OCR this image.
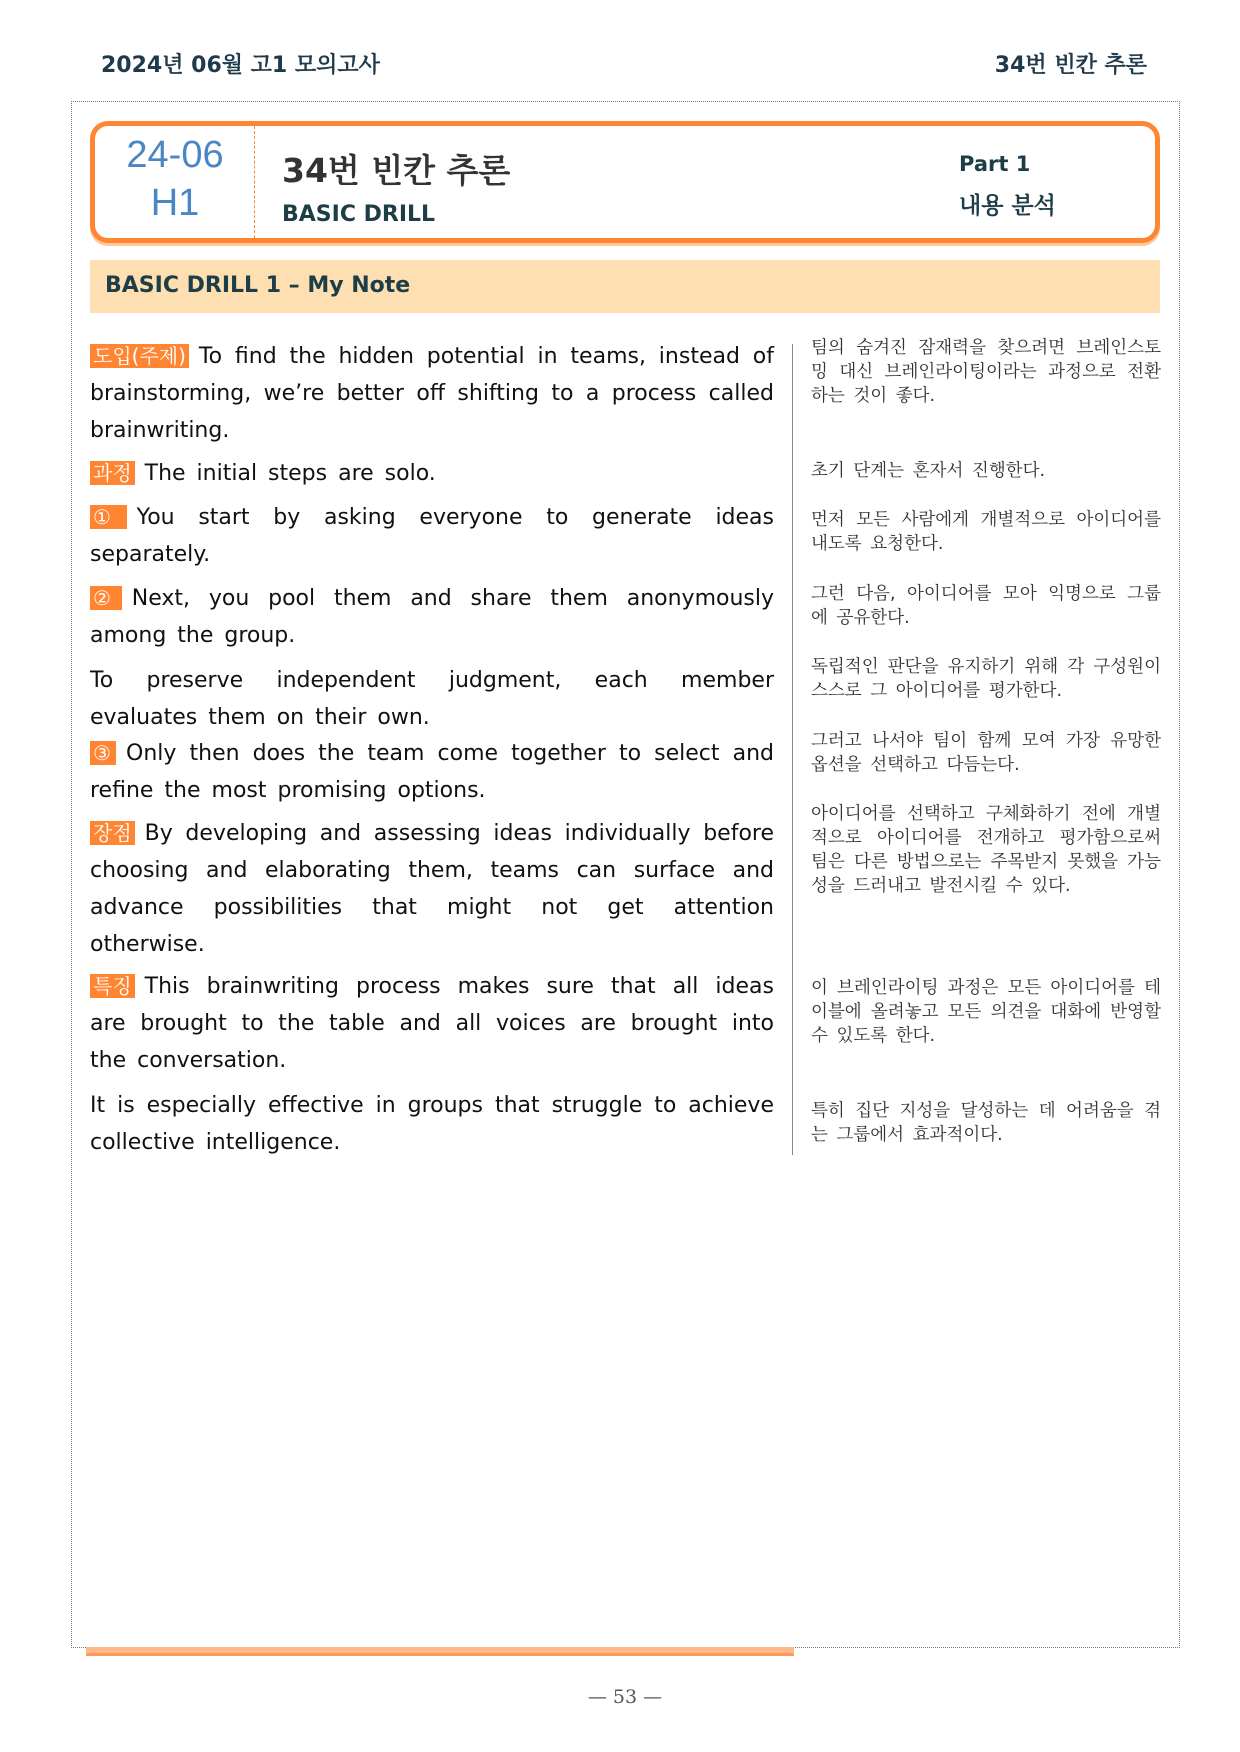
2024년 06월 고1 모의고사	34번 빈칸 추론
24-06
H1
34번 빈칸 추론
BASIC DRILL
Part 1
내용 분석
BASIC DRILL 1 – My Note
도입(주제) To find the hidden potential in teams, instead of brainstorming, we’re better off shifting to a process called brainwriting.
과정 The initial steps are solo.
① You start by asking everyone to generate ideas separately.
② Next, you pool them and share them anonymously among the group.
To preserve independent judgment, each member evaluates them on their own.
③ Only then does the team come together to select and refine the most promising options.
장점 By developing and assessing ideas individually before choosing and elaborating them, teams can surface and advance possibilities that might not get attention otherwise.
특징 This brainwriting process makes sure that all ideas are brought to the table and all voices are brought into the conversation.
It is especially effective in groups that struggle to achieve collective intelligence.
팀의 숨겨진 잠재력을 찾으려면 브레인스토밍 대신 브레인라이팅이라는 과정으로 전환하는 것이 좋다.
초기 단계는 혼자서 진행한다.
먼저 모든 사람에게 개별적으로 아이디어를 내도록 요청한다.
그런 다음, 아이디어를 모아 익명으로 그룹에 공유한다.
독립적인 판단을 유지하기 위해 각 구성원이 스스로 그 아이디어를 평가한다.
그러고 나서야 팀이 함께 모여 가장 유망한 옵션을 선택하고 다듬는다.
아이디어를 선택하고 구체화하기 전에 개별적으로 아이디어를 전개하고 평가함으로써 팀은 다른 방법으로는 주목받지 못했을 가능성을 드러내고 발전시킬 수 있다.
이 브레인라이팅 과정은 모든 아이디어를 테이블에 올려놓고 모든 의견을 대화에 반영할 수 있도록 한다.
특히 집단 지성을 달성하는 데 어려움을 겪는 그룹에서 효과적이다.
— 53 —
